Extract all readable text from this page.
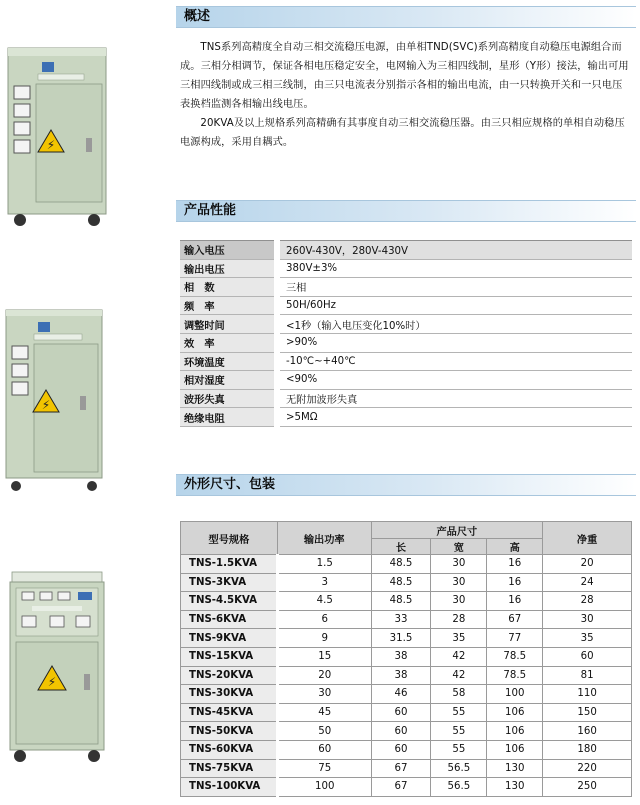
⚡
⚡
⚡
概述

TNS系列高精度全自动三相交流稳压电源，由单相TND(SVC)系列高精度自动稳压电源组合而成。三相分相调节，保证各相电压稳定安全，电网输入为三相四线制，星形（Y形）接法，输出可用三相四线制或成三相三线制，由三只电流表分别指示各相的输出电流，由一只转换开关和一只电压表换档监测各相输出线电压。

20KVA及以上规格系列高精确有其事度自动三相交流稳压器。由三只相应规格的单相自动稳压电源构成，采用自耦式。

产品性能
输入电压	260V-430V，280V-430V
输出电压	380V±3%
相　数	三相
频　率	50H/60Hz
调整时间	<1秒（输入电压变化10%时）
效　率	>90%
环境温度	-10℃~+40℃
相对湿度	<90%
波形失真	无附加波形失真
绝缘电阻	>5MΩ
外形尺寸、包装
型号规格	输出功率	产品尺寸			净重
		长	宽	高	
TNS-1.5KVA	1.5	48.5	30	16	20
TNS-3KVA	3	48.5	30	16	24
TNS-4.5KVA	4.5	48.5	30	16	28
TNS-6KVA	6	33	28	67	30
TNS-9KVA	9	31.5	35	77	35
TNS-15KVA	15	38	42	78.5	60
TNS-20KVA	20	38	42	78.5	81
TNS-30KVA	30	46	58	100	110
TNS-45KVA	45	60	55	106	150
TNS-50KVA	50	60	55	106	160
TNS-60KVA	60	60	55	106	180
TNS-75KVA	75	67	56.5	130	220
TNS-100KVA	100	67	56.5	130	250
